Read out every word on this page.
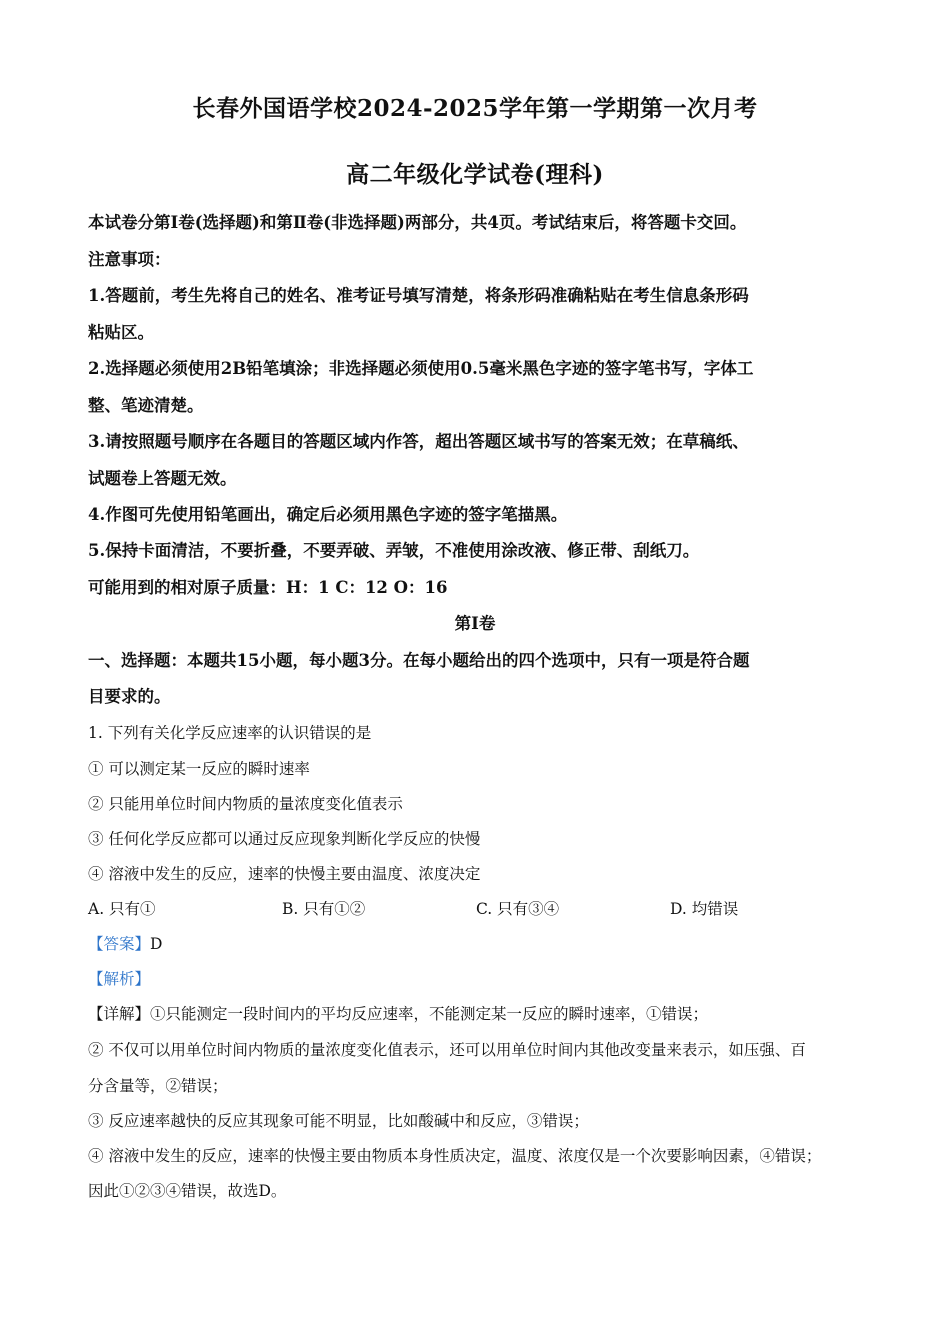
长春外国语学校2024-2025学年第一学期第一次月考
高二年级化学试卷(理科)
本试卷分第Ⅰ卷(选择题)和第Ⅱ卷(非选择题)两部分，共4页。考试结束后，将答题卡交回。
注意事项：
1.答题前，考生先将自己的姓名、准考证号填写清楚，将条形码准确粘贴在考生信息条形码
粘贴区。
2.选择题必须使用2B铅笔填涂；非选择题必须使用0.5毫米黑色字迹的签字笔书写，字体工
整、笔迹清楚。
3.请按照题号顺序在各题目的答题区域内作答，超出答题区域书写的答案无效；在草稿纸、
试题卷上答题无效。
4.作图可先使用铅笔画出，确定后必须用黑色字迹的签字笔描黑。
5.保持卡面清洁，不要折叠，不要弄破、弄皱，不准使用涂改液、修正带、刮纸刀。
可能用到的相对原子质量：H：1 C：12 O：16
第Ⅰ卷
一、选择题：本题共15小题，每小题3分。在每小题给出的四个选项中，只有一项是符合题
目要求的。
1. 下列有关化学反应速率的认识错误的是
① 可以测定某一反应的瞬时速率
② 只能用单位时间内物质的量浓度变化值表示
③ 任何化学反应都可以通过反应现象判断化学反应的快慢
④ 溶液中发生的反应，速率的快慢主要由温度、浓度决定
A. 只有①	B. 只有①②	C. 只有③④	D. 均错误
【答案】D
【解析】
【详解】①只能测定一段时间内的平均反应速率，不能测定某一反应的瞬时速率，①错误；
② 不仅可以用单位时间内物质的量浓度变化值表示，还可以用单位时间内其他改变量来表示，如压强、百
分含量等，②错误；
③ 反应速率越快的反应其现象可能不明显，比如酸碱中和反应，③错误；
④ 溶液中发生的反应，速率的快慢主要由物质本身性质决定，温度、浓度仅是一个次要影响因素，④错误；
因此①②③④错误，故选D。
